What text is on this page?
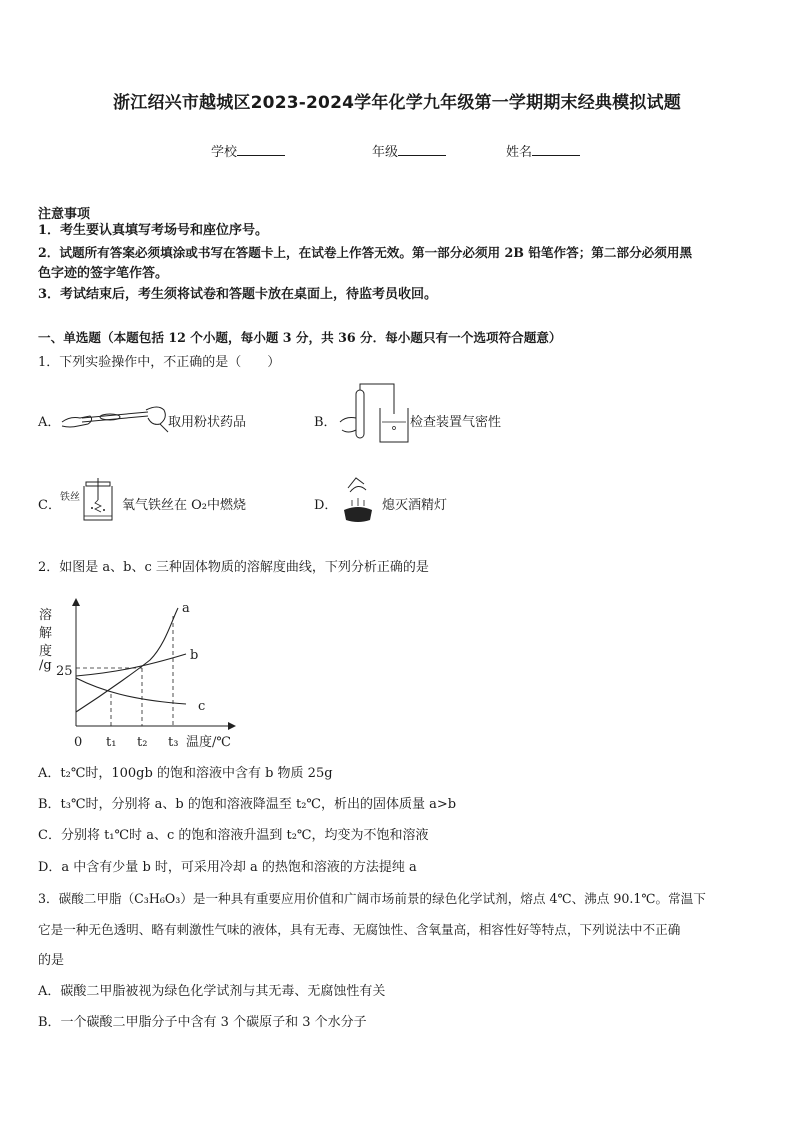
浙江绍兴市越城区2023-2024学年化学九年级第一学期期末经典模拟试题
学校	年级	姓名
注意事项
1．考生要认真填写考场号和座位序号。
2．试题所有答案必须填涂或书写在答题卡上，在试卷上作答无效。第一部分必须用 2B 铅笔作答；第二部分必须用黑
色字迹的签字笔作答。
3．考试结束后，考生须将试卷和答题卡放在桌面上，待监考员收回。
一、单选题（本题包括 12 个小题，每小题 3 分，共 36 分．每小题只有一个选项符合题意）
1．下列实验操作中，不正确的是（　　）
A．	取用粉状药品	B．	检查装置气密性
C．
铁丝
氧气铁丝在 O₂中燃烧	D．	熄灭酒精灯
2．如图是 a、b、c 三种固体物质的溶解度曲线，下列分析正确的是
溶
解
度
/g 25
a
b
c
0 t₁ t₂ t₃ 温度/℃
A．t₂℃时，100gb 的饱和溶液中含有 b 物质 25g
B．t₃℃时，分别将 a、b 的饱和溶液降温至 t₂℃，析出的固体质量 a>b
C．分别将 t₁℃时 a、c 的饱和溶液升温到 t₂℃，均变为不饱和溶液
D．a 中含有少量 b 时，可采用冷却 a 的热饱和溶液的方法提纯 a
3．碳酸二甲脂（C₃H₆O₃）是一种具有重要应用价值和广阔市场前景的绿色化学试剂，熔点 4℃、沸点 90.1℃。常温下
它是一种无色透明、略有刺激性气味的液体，具有无毒、无腐蚀性、含氧量高，相容性好等特点，下列说法中不正确
的是
A．碳酸二甲脂被视为绿色化学试剂与其无毒、无腐蚀性有关
B．一个碳酸二甲脂分子中含有 3 个碳原子和 3 个水分子
